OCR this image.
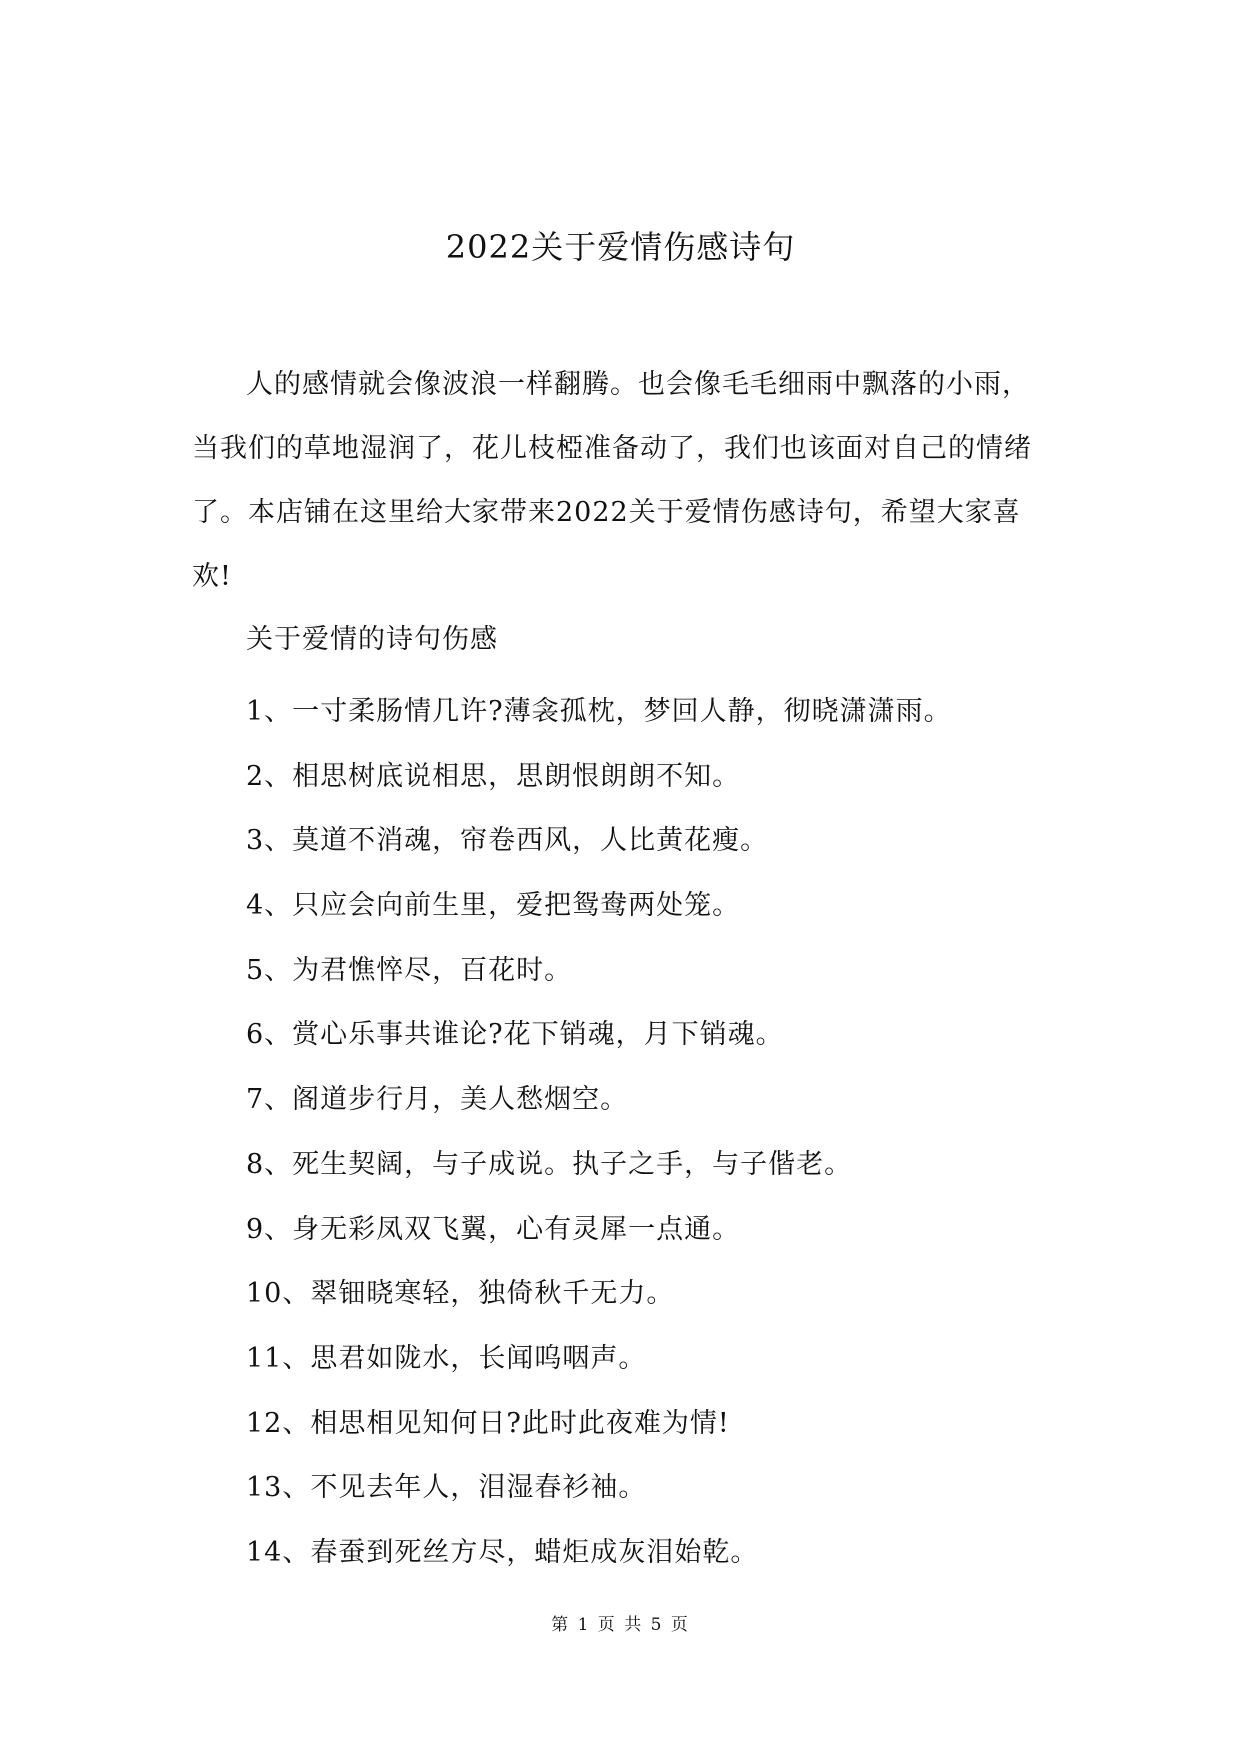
2022关于爱情伤感诗句

人的感情就会像波浪一样翻腾。也会像毛毛细雨中飘落的小雨，当我们的草地湿润了，花儿枝椏准备动了，我们也该面对自己的情绪了。本店铺在这里给大家带来2022关于爱情伤感诗句，希望大家喜欢!

关于爱情的诗句伤感
1、一寸柔肠情几许?薄衾孤枕，梦回人静，彻晓潇潇雨。
2、相思树底说相思，思朗恨朗朗不知。
3、莫道不消魂，帘卷西风，人比黄花瘦。
4、只应会向前生里，爱把鸳鸯两处笼。
5、为君憔悴尽，百花时。
6、赏心乐事共谁论?花下销魂，月下销魂。
7、阁道步行月，美人愁烟空。
8、死生契阔，与子成说。执子之手，与子偕老。
9、身无彩凤双飞翼，心有灵犀一点通。
10、翠钿晓寒轻，独倚秋千无力。
11、思君如陇水，长闻呜咽声。
12、相思相见知何日?此时此夜难为情!
13、不见去年人，泪湿春衫袖。
14、春蚕到死丝方尽，蜡炬成灰泪始乾。
第 1 页 共 5 页
